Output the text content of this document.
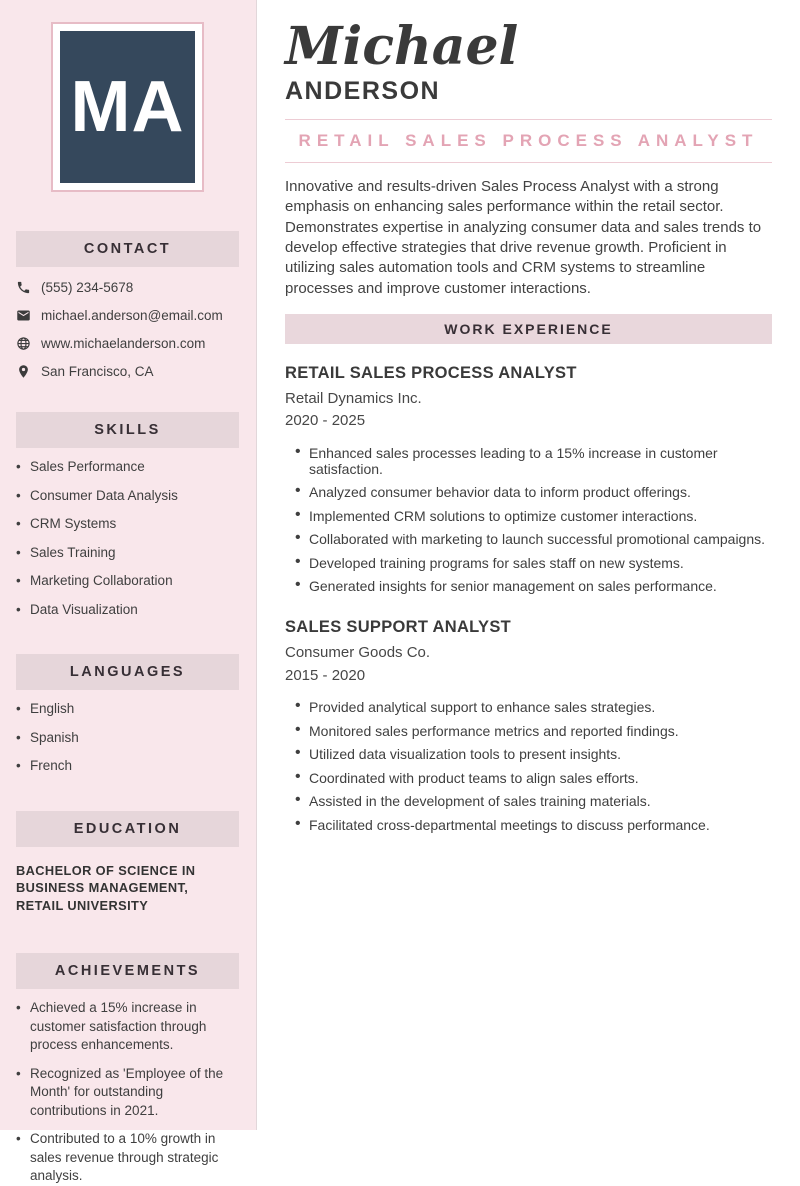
MA
CONTACT
(555) 234-5678
michael.anderson@email.com
www.michaelanderson.com
San Francisco, CA
SKILLS
• Sales Performance
• Consumer Data Analysis
• CRM Systems
• Sales Training
• Marketing Collaboration
• Data Visualization
LANGUAGES
• English
• Spanish
• French
EDUCATION
BACHELOR OF SCIENCE IN BUSINESS MANAGEMENT, RETAIL UNIVERSITY
ACHIEVEMENTS
• Achieved a 15% increase in customer satisfaction through process enhancements.
• Recognized as 'Employee of the Month' for outstanding contributions in 2021.
• Contributed to a 10% growth in sales revenue through strategic analysis.
Michael
ANDERSON
RETAIL SALES PROCESS ANALYST

Innovative and results-driven Sales Process Analyst with a strong emphasis on enhancing sales performance within the retail sector. Demonstrates expertise in analyzing consumer data and sales trends to develop effective strategies that drive revenue growth. Proficient in utilizing sales automation tools and CRM systems to streamline processes and improve customer interactions.

WORK EXPERIENCE
RETAIL SALES PROCESS ANALYST
Retail Dynamics Inc.
2020 - 2025
• Enhanced sales processes leading to a 15% increase in customer satisfaction.
• Analyzed consumer behavior data to inform product offerings.
• Implemented CRM solutions to optimize customer interactions.
• Collaborated with marketing to launch successful promotional campaigns.
• Developed training programs for sales staff on new systems.
• Generated insights for senior management on sales performance.
SALES SUPPORT ANALYST
Consumer Goods Co.
2015 - 2020
• Provided analytical support to enhance sales strategies.
• Monitored sales performance metrics and reported findings.
• Utilized data visualization tools to present insights.
• Coordinated with product teams to align sales efforts.
• Assisted in the development of sales training materials.
• Facilitated cross-departmental meetings to discuss performance.
